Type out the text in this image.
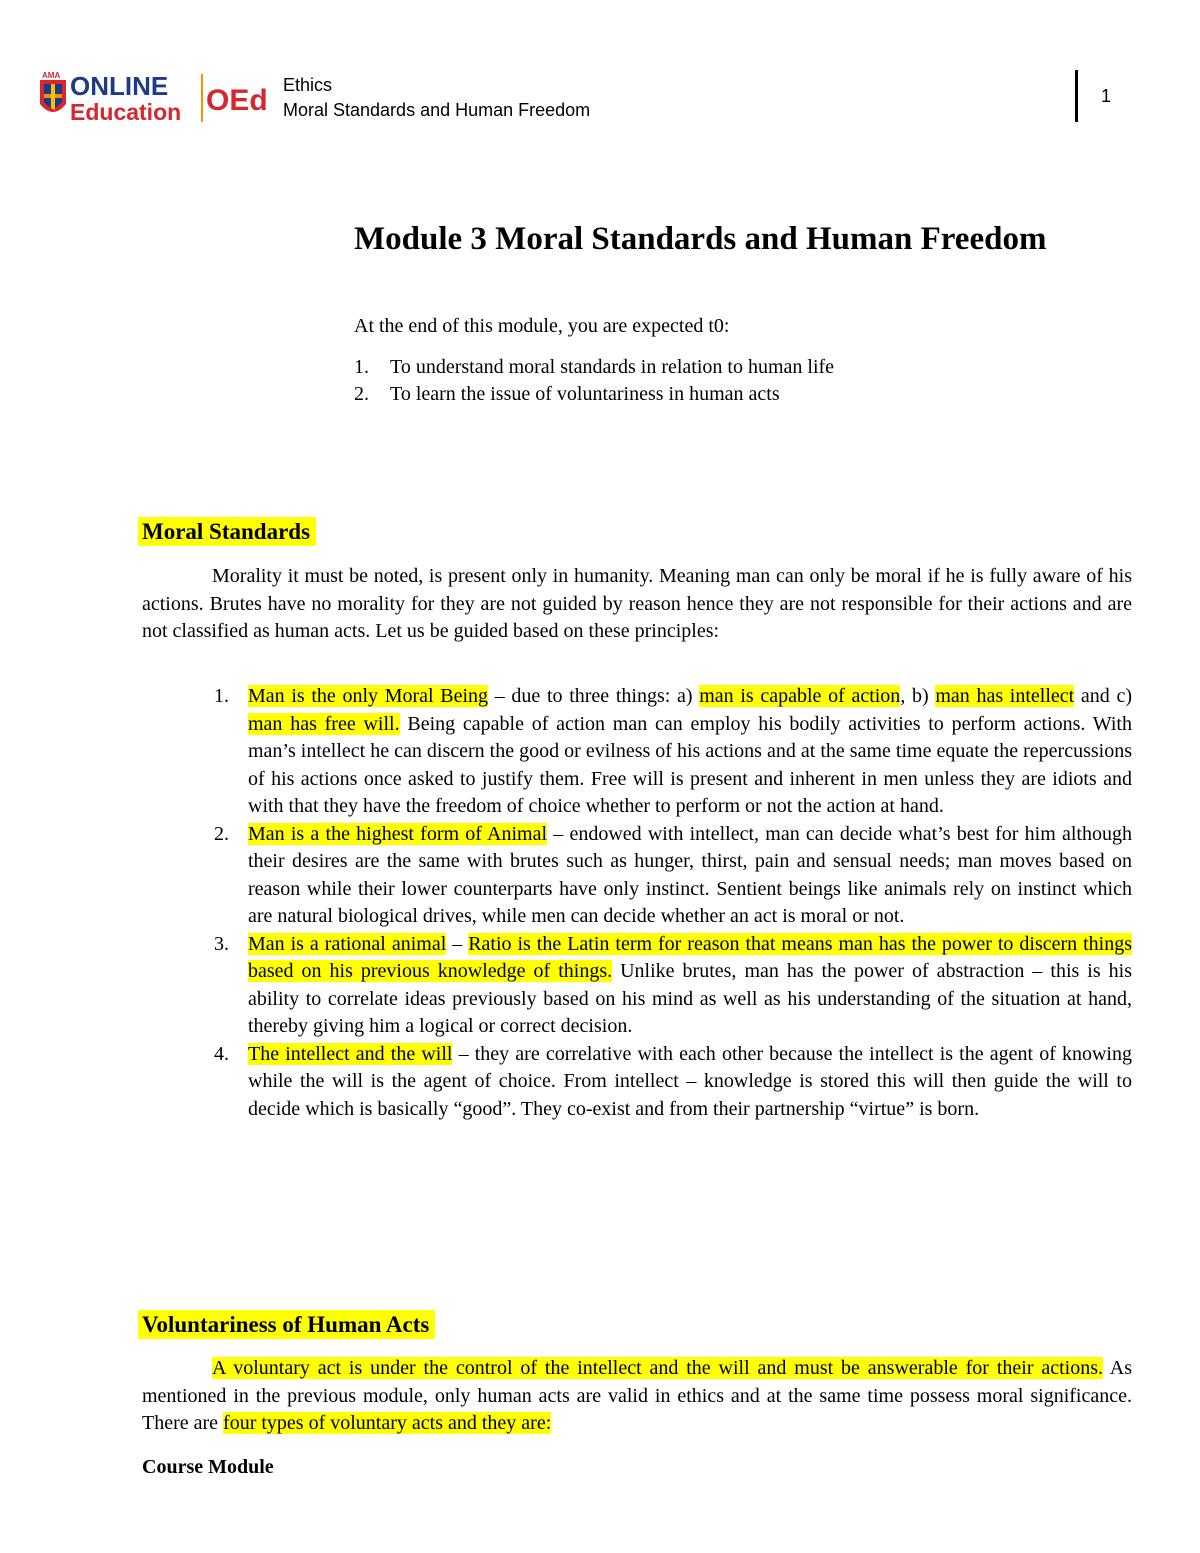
AMA ONLINE
Education OEd Ethics
Moral Standards and Human Freedom
1
Module 3 Moral Standards and Human Freedom
At the end of this module, you are expected t0:
1. To understand moral standards in relation to human life
2. To learn the issue of voluntariness in human acts
Moral Standards

Morality it must be noted, is present only in humanity. Meaning man can only be moral if he is fully aware of his actions. Brutes have no morality for they are not guided by reason hence they are not responsible for their actions and are not classified as human acts. Let us be guided based on these principles:

1. Man is the only Moral Being – due to three things: a) man is capable of action, b) man has intellect and c) man has free will. Being capable of action man can employ his bodily activities to perform actions. With man’s intellect he can discern the good or evilness of his actions and at the same time equate the repercussions of his actions once asked to justify them. Free will is present and inherent in men unless they are idiots and with that they have the freedom of choice whether to perform or not the action at hand.
2. Man is a the highest form of Animal – endowed with intellect, man can decide what’s best for him although their desires are the same with brutes such as hunger, thirst, pain and sensual needs; man moves based on reason while their lower counterparts have only instinct. Sentient beings like animals rely on instinct which are natural biological drives, while men can decide whether an act is moral or not.
3. Man is a rational animal – Ratio is the Latin term for reason that means man has the power to discern things based on his previous knowledge of things. Unlike brutes, man has the power of abstraction – this is his ability to correlate ideas previously based on his mind as well as his understanding of the situation at hand, thereby giving him a logical or correct decision.
4. The intellect and the will – they are correlative with each other because the intellect is the agent of knowing while the will is the agent of choice. From intellect – knowledge is stored this will then guide the will to decide which is basically “good”. They co-exist and from their partnership “virtue” is born.
Voluntariness of Human Acts

A voluntary act is under the control of the intellect and the will and must be answerable for their actions. As mentioned in the previous module, only human acts are valid in ethics and at the same time possess moral significance. There are four types of voluntary acts and they are:

Course Module
